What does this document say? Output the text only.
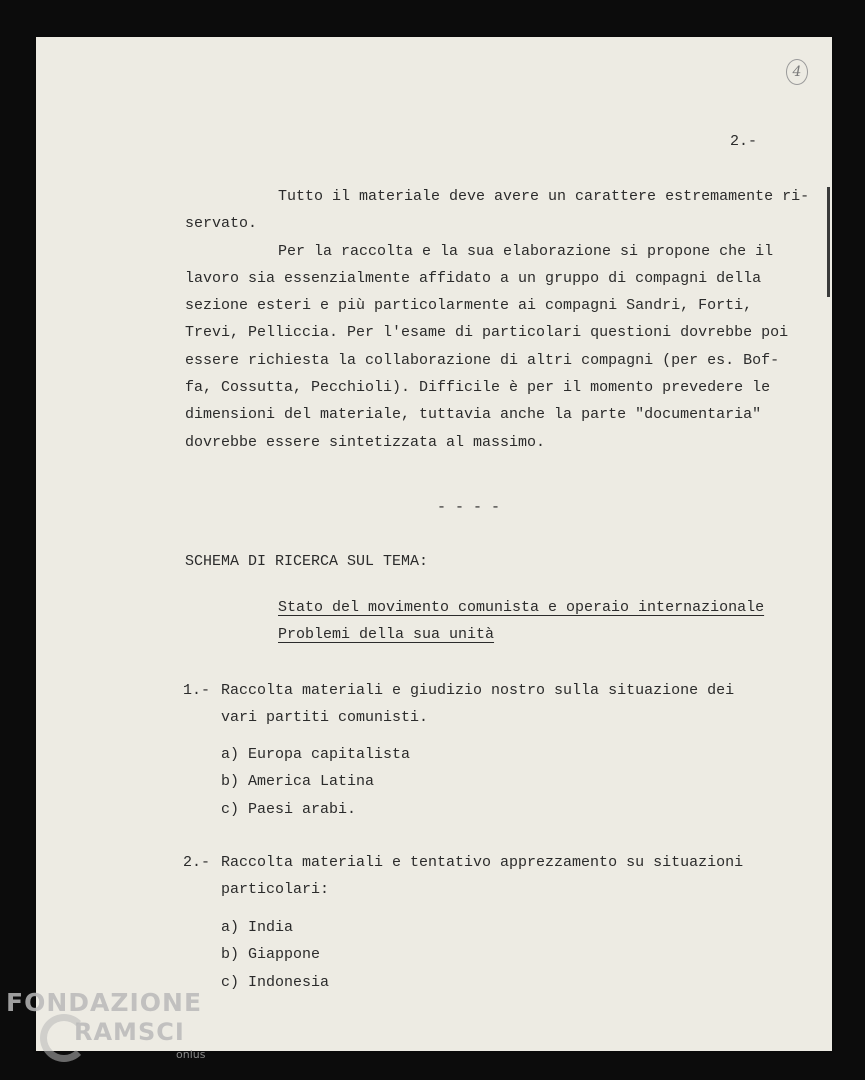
4
2.-
Tutto il materiale deve avere un carattere estremamente ri-
servato.
Per la raccolta e la sua elaborazione si propone che il
lavoro sia essenzialmente affidato a un gruppo di compagni della
sezione esteri e più particolarmente ai compagni Sandri, Forti,
Trevi, Pelliccia. Per l'esame di particolari questioni dovrebbe poi
essere richiesta la collaborazione di altri compagni (per es. Bof-
fa, Cossutta, Pecchioli). Difficile è per il momento prevedere le
dimensioni del materiale, tuttavia anche la parte "documentaria"
dovrebbe essere sintetizzata al massimo.
- - - -
SCHEMA DI RICERCA SUL TEMA:
Stato del movimento comunista e operaio internazionale
Problemi della sua unità
1.- Raccolta materiali e giudizio nostro sulla situazione dei
vari partiti comunisti.
a) Europa capitalista
b) America Latina
c) Paesi arabi.
2.- Raccolta materiali e tentativo apprezzamento su situazioni
particolari:
a) India
b) Giappone
c) Indonesia
FONDAZIONE
RAMSCI
onlus
